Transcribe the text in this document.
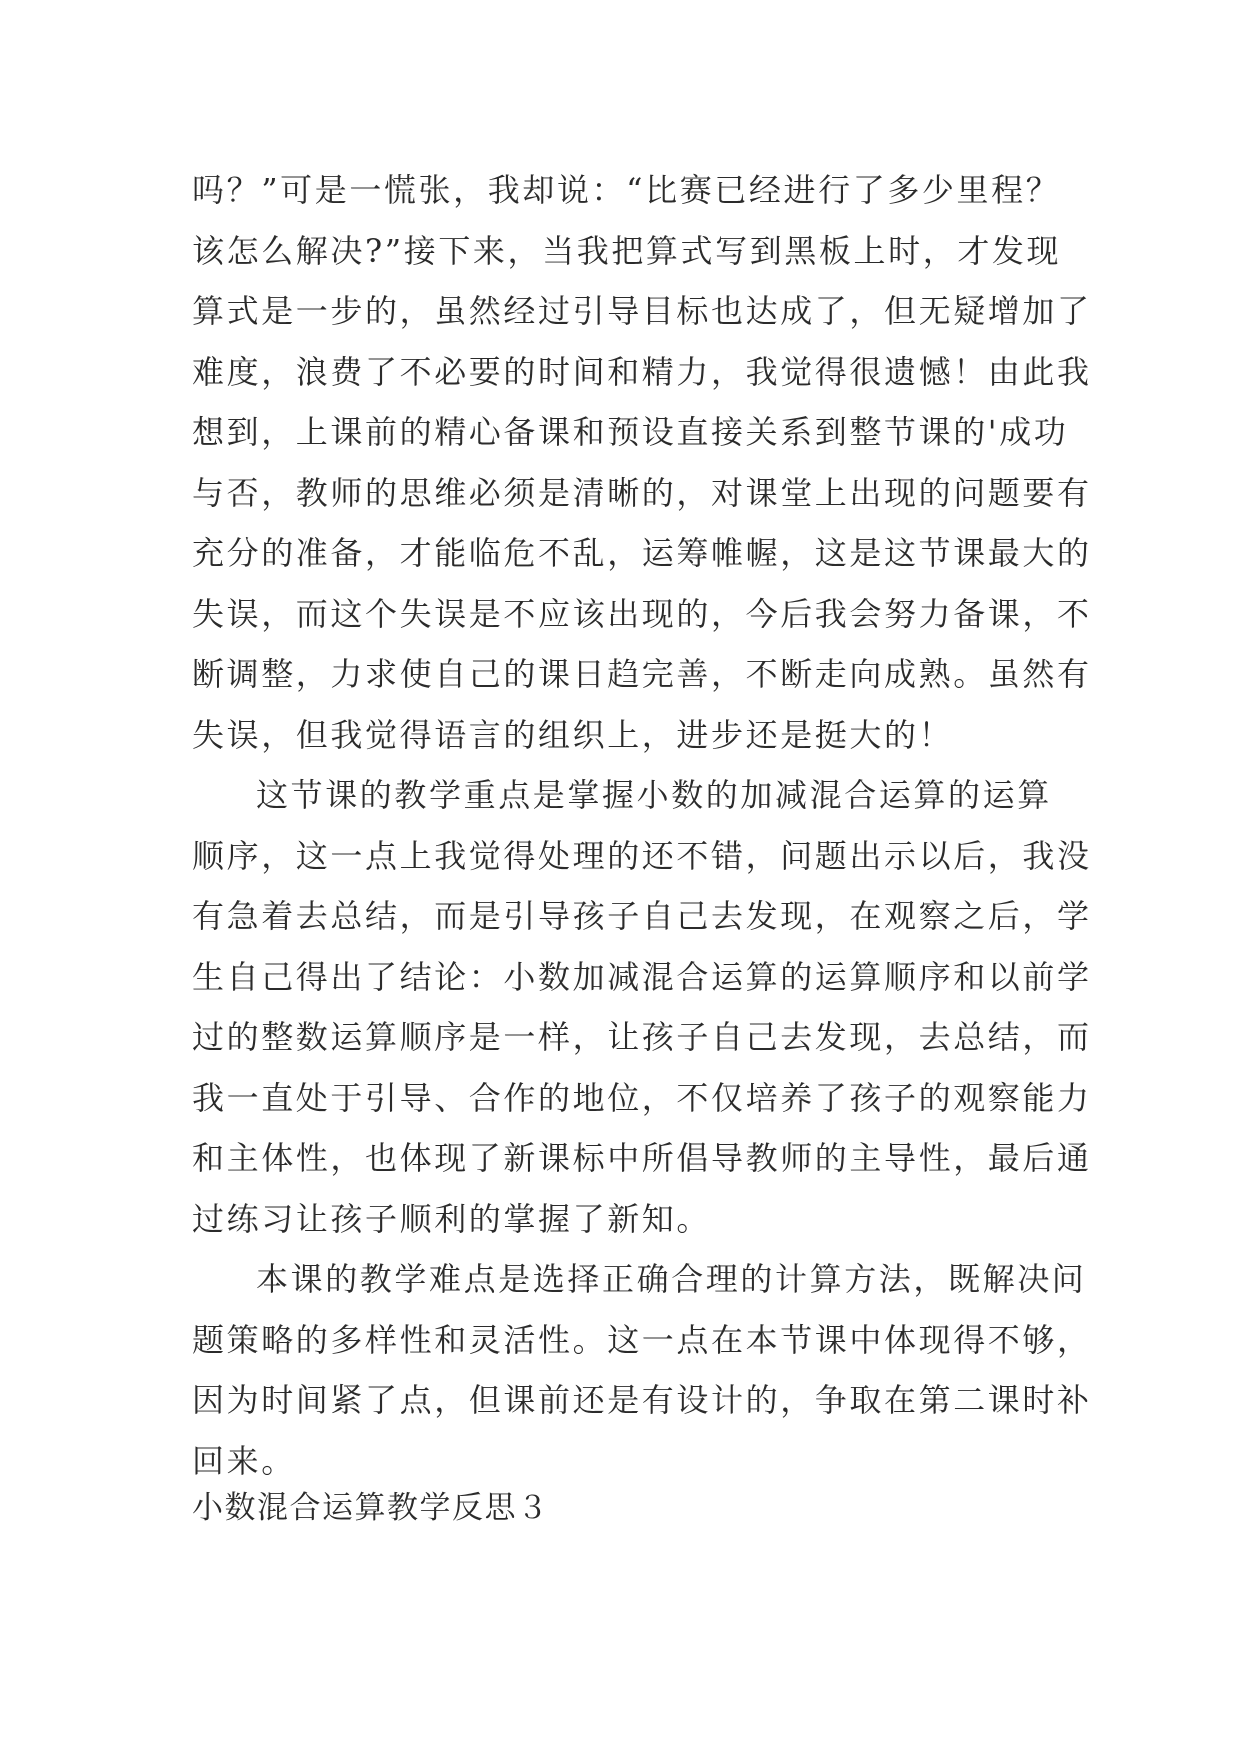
吗？”可是一慌张，我却说：“比赛已经进行了多少里程？
该怎么解决?”接下来，当我把算式写到黑板上时，才发现
算式是一步的，虽然经过引导目标也达成了，但无疑增加了
难度，浪费了不必要的时间和精力，我觉得很遗憾！由此我
想到，上课前的精心备课和预设直接关系到整节课的'成功
与否，教师的思维必须是清晰的，对课堂上出现的问题要有
充分的准备，才能临危不乱，运筹帷幄，这是这节课最大的
失误，而这个失误是不应该出现的，今后我会努力备课，不
断调整，力求使自己的课日趋完善，不断走向成熟。虽然有
失误，但我觉得语言的组织上，进步还是挺大的！

这节课的教学重点是掌握小数的加减混合运算的运算
顺序，这一点上我觉得处理的还不错，问题出示以后，我没
有急着去总结，而是引导孩子自己去发现，在观察之后，学
生自己得出了结论：小数加减混合运算的运算顺序和以前学
过的整数运算顺序是一样，让孩子自己去发现，去总结，而
我一直处于引导、合作的地位，不仅培养了孩子的观察能力
和主体性，也体现了新课标中所倡导教师的主导性，最后通
过练习让孩子顺利的掌握了新知。

本课的教学难点是选择正确合理的计算方法，既解决问
题策略的多样性和灵活性。这一点在本节课中体现得不够，
因为时间紧了点，但课前还是有设计的，争取在第二课时补
回来。

小数混合运算教学反思３
